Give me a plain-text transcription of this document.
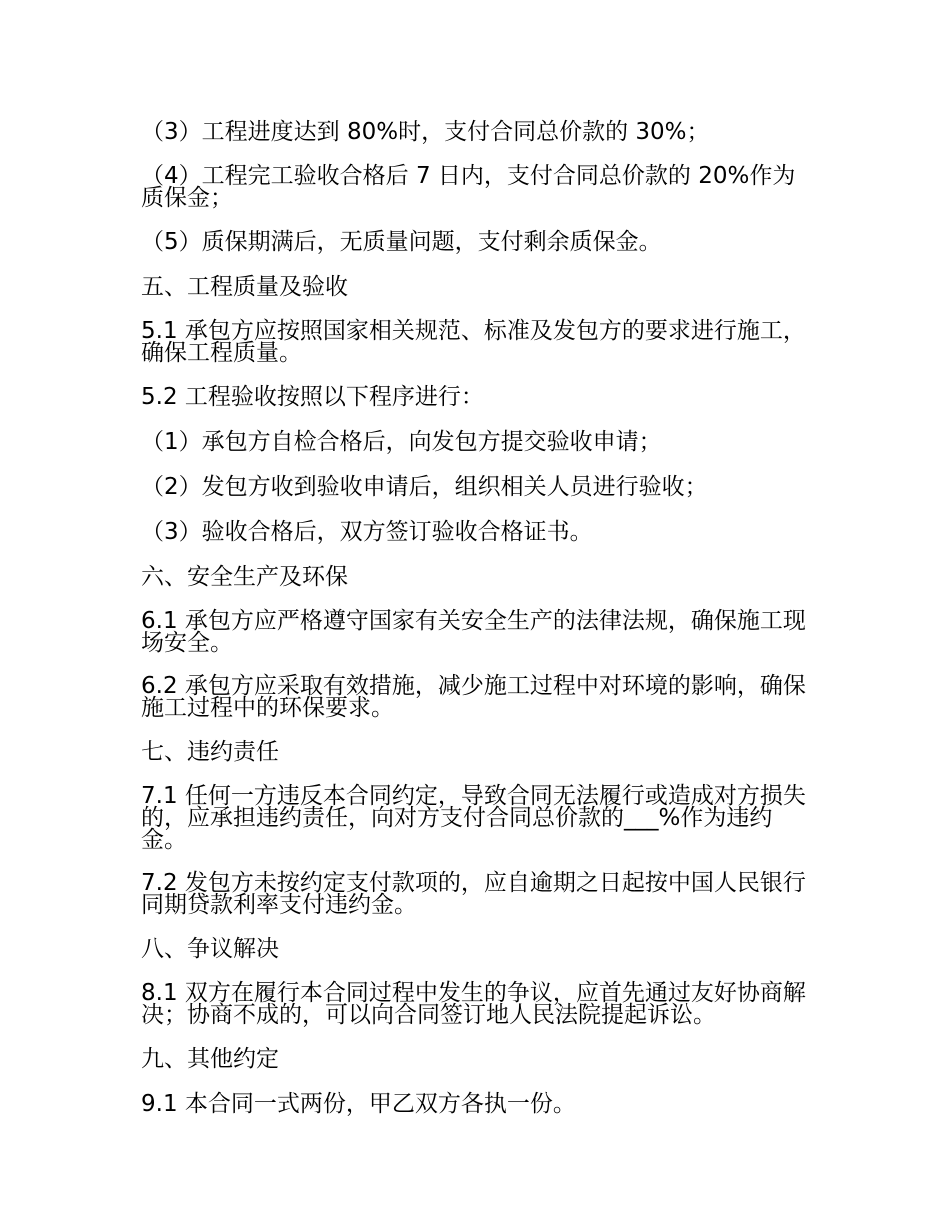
（3）工程进度达到 80%时，支付合同总价款的 30%；

（4）工程完工验收合格后 7 日内，支付合同总价款的 20%作为质保金；

（5）质保期满后，无质量问题，支付剩余质保金。

五、工程质量及验收

5.1 承包方应按照国家相关规范、标准及发包方的要求进行施工，确保工程质量。

5.2 工程验收按照以下程序进行：

（1）承包方自检合格后，向发包方提交验收申请；

（2）发包方收到验收申请后，组织相关人员进行验收；

（3）验收合格后，双方签订验收合格证书。

六、安全生产及环保

6.1 承包方应严格遵守国家有关安全生产的法律法规，确保施工现场安全。

6.2 承包方应采取有效措施，减少施工过程中对环境的影响，确保施工过程中的环保要求。

七、违约责任

7.1 任何一方违反本合同约定，导致合同无法履行或造成对方损失的，应承担违约责任，向对方支付合同总价款的___%作为违约金。

7.2 发包方未按约定支付款项的，应自逾期之日起按中国人民银行同期贷款利率支付违约金。

八、争议解决

8.1 双方在履行本合同过程中发生的争议，应首先通过友好协商解决；协商不成的，可以向合同签订地人民法院提起诉讼。

九、其他约定

9.1 本合同一式两份，甲乙双方各执一份。
